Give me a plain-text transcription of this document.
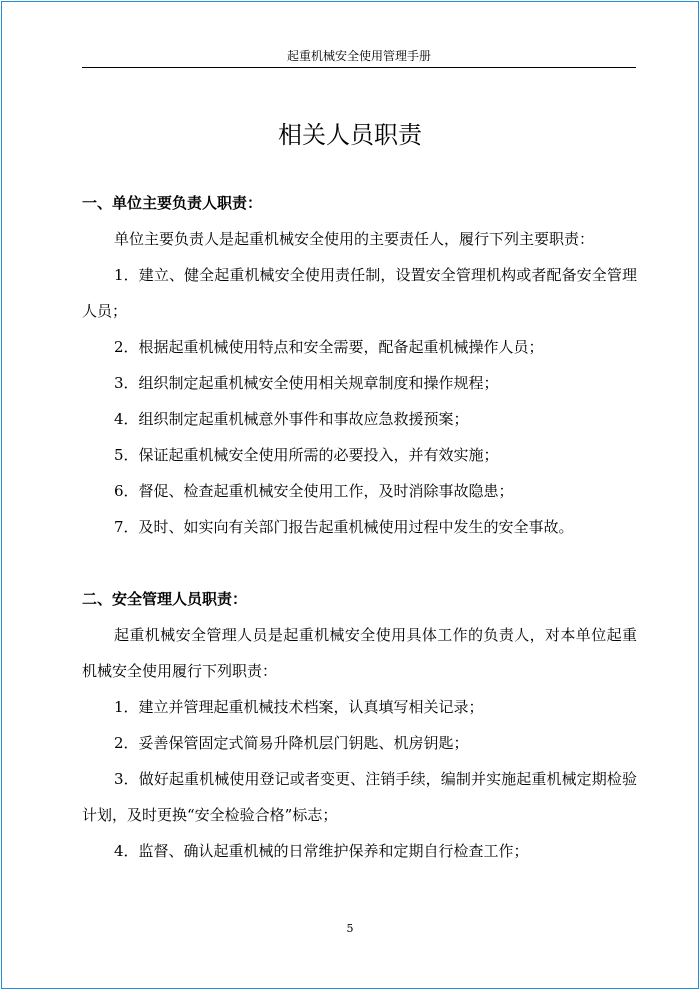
起重机械安全使用管理手册
相关人员职责

一、单位主要负责人职责：

单位主要负责人是起重机械安全使用的主要责任人，履行下列主要职责：

1．建立、健全起重机械安全使用责任制，设置安全管理机构或者配备安全管理人员；

2．根据起重机械使用特点和安全需要，配备起重机械操作人员；

3．组织制定起重机械安全使用相关规章制度和操作规程；

4．组织制定起重机械意外事件和事故应急救援预案；

5．保证起重机械安全使用所需的必要投入，并有效实施；

6．督促、检查起重机械安全使用工作，及时消除事故隐患；

7．及时、如实向有关部门报告起重机械使用过程中发生的安全事故。

二、安全管理人员职责：

起重机械安全管理人员是起重机械安全使用具体工作的负责人，对本单位起重机械安全使用履行下列职责：

1．建立并管理起重机械技术档案，认真填写相关记录；

2．妥善保管固定式简易升降机层门钥匙、机房钥匙；

3．做好起重机械使用登记或者变更、注销手续，编制并实施起重机械定期检验计划，及时更换“安全检验合格”标志；

4．监督、确认起重机械的日常维护保养和定期自行检查工作；

5
